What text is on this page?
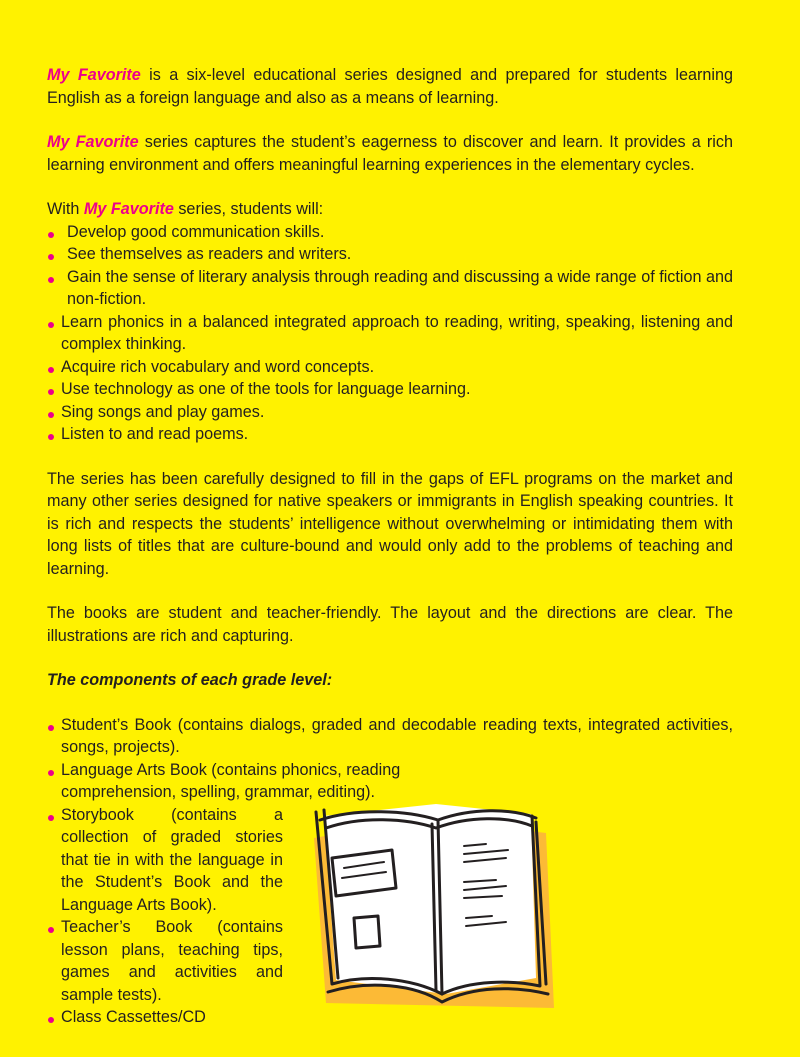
My Favorite is a six-level educational series designed and prepared for students learning English as a foreign language and also as a means of learning.

My Favorite series captures the student’s eagerness to discover and learn. It provides a rich learning environment and offers meaningful learning experiences in the elementary cycles.

With My Favorite series, students will:

Develop good communication skills.
See themselves as readers and writers.
Gain the sense of literary analysis through reading and discussing a wide range of fiction and non-fiction.
Learn phonics in a balanced integrated approach to reading, writing, speaking, listening and complex thinking.
Acquire rich vocabulary and word concepts.
Use technology as one of the tools for language learning.
Sing songs and play games.
Listen to and read poems.

The series has been carefully designed to fill in the gaps of EFL programs on the market and many other series designed for native speakers or immigrants in English speaking countries. It is rich and respects the students’ intelligence without overwhelming or intimidating them with long lists of titles that are culture-bound and would only add to the problems of teaching and learning.

The books are student and teacher-friendly. The layout and the directions are clear. The illustrations are rich and capturing.

The components of each grade level:

Student’s Book (contains dialogs, graded and decodable reading texts, integrated activities, songs, projects).
Language Arts Book (contains phonics, reading comprehension, spelling, grammar, editing).
Storybook (contains a collection of graded stories that tie in with the language in the Student’s Book and the Language Arts Book).
Teacher’s Book (contains lesson plans, teaching tips, games and activities and sample tests).
Class Cassettes/CD
